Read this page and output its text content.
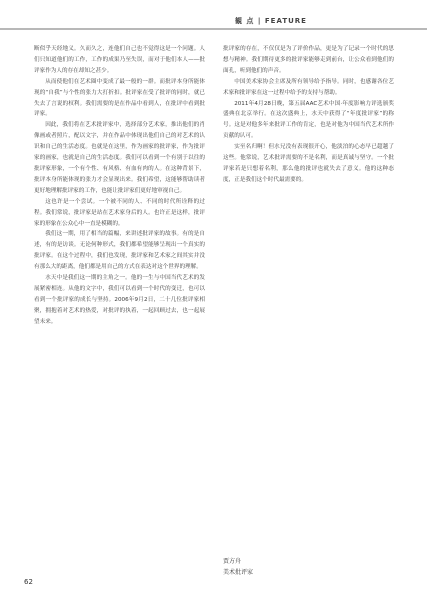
観 点 | FEATURE

断似乎天经地义。久而久之，连他们自己也不觉得这是一个问题。人们只知道他们的工作，工作的成果乃至失误，而对于他们本人——批评家作为人的存在却知之甚少。

从而使他们在艺术圈中变成了最一般的一群。而批评本身所能体现的“自我”与个性的张力大打折扣。批评家在受了批评的同时，就已失去了言说的权利。我们需要的是在作品中看到人，在批评中看到批评家。

因此，我们将在艺术批评家中，选择部分艺术家，推出他们的肖像画或者照片，配以文字，并在作品中体现出他们自己的对艺术的认识和自己的生活态度。也就是在这里，作为画家的批评家，作为批评家的画家，也就是自己的生活态度。我们可以看到一个有别于以往的批评家形象，一个有个性、有风格、有血有肉的人。在这种背景下，批评本身所能体现的张力才会显现出来。我们希望，这能够帮助读者更好地理解批评家的工作，也能让批评家们更好地审视自己。

这也许是一个尝试。一个被不同的人、不同的时代所诠释的过程。我们常说，批评家是站在艺术家身后的人。也许正是这样，批评家的形象在公众心中一直是模糊的。

我们这一期，用了相当的篇幅，来讲述批评家的故事。有的是自述，有的是访谈。无论何种形式，我们都希望能够呈现出一个真实的批评家。在这个过程中，我们也发现，批评家和艺术家之间其实并没有那么大的距离，他们都是用自己的方式在表达对这个世界的理解。

水天中是我们这一期的主角之一。他的一生与中国当代艺术的发展紧密相连。从他的文字中，我们可以看到一个时代的变迁，也可以看到一个批评家的成长与坚持。2006年9月2日，二十几位批评家相聚，拥抱着对艺术的热爱，对批评的执着，一起回顾过去，也一起展望未来。

批评家的存在，不仅仅是为了评价作品，更是为了记录一个时代的思想与精神。我们期待更多的批评家能够走到前台，让公众看到他们的面孔，听到他们的声音。

中国美术家协会主席及所有领导给予指导。同时，也感谢各位艺术家和批评家在这一过程中给予的支持与帮助。

2011年4月28日晚，第五届AAC艺术中国·年度影响力评选颁奖盛典在北京举行。在这次盛典上，水天中获得了“年度批评家”的称号。这是对他多年来批评工作的肯定，也是对他为中国当代艺术所作贡献的认可。

实至名归啊！但水兄没有表现很开心，他淡泊的心态早已超越了这些。他常说，艺术批评需要的不是名利，而是真诚与坚守。一个批评家若是只想着名利，那么他的批评也就失去了意义。他的这种态度，正是我们这个时代最需要的。

贾方舟
美术批评家
62
